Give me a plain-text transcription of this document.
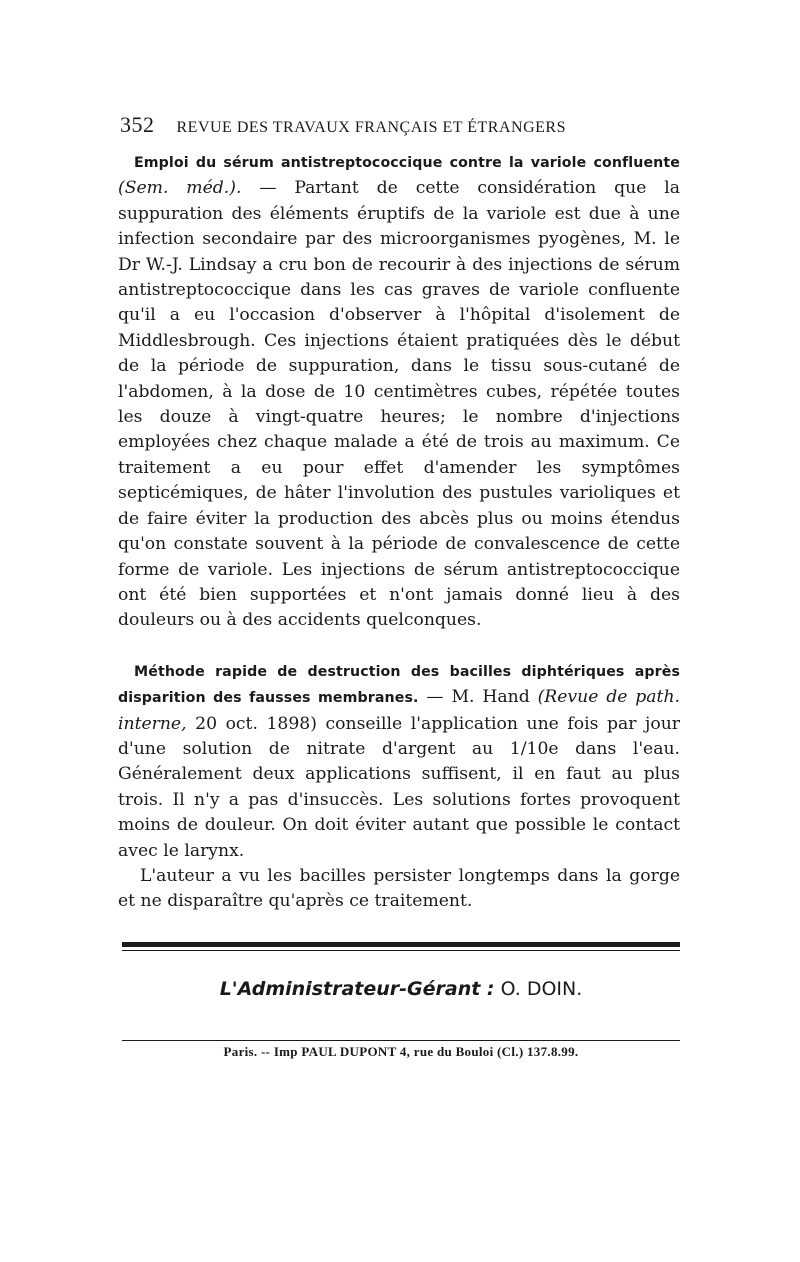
352 REVUE DES TRAVAUX FRANÇAIS ET ÉTRANGERS

Emploi du sérum antistreptococcique contre la variole confluente (Sem. méd.). — Partant de cette considération que la suppuration des éléments éruptifs de la variole est due à une infection secondaire par des microorganismes pyogènes, M. le Dr W.-J. Lindsay a cru bon de recourir à des injections de sérum antistreptococcique dans les cas graves de variole confluente qu'il a eu l'occasion d'observer à l'hôpital d'isolement de Middlesbrough. Ces injections étaient pratiquées dès le début de la période de suppuration, dans le tissu sous-cutané de l'abdomen, à la dose de 10 centimètres cubes, répétée toutes les douze à vingt-quatre heures; le nombre d'injections employées chez chaque malade a été de trois au maximum. Ce traitement a eu pour effet d'amender les symptômes septicémiques, de hâter l'involution des pustules varioliques et de faire éviter la production des abcès plus ou moins étendus qu'on constate souvent à la période de convalescence de cette forme de variole. Les injections de sérum antistreptococcique ont été bien supportées et n'ont jamais donné lieu à des douleurs ou à des accidents quelconques.

Méthode rapide de destruction des bacilles diphtériques après disparition des fausses membranes. — M. Hand (Revue de path. interne, 20 oct. 1898) conseille l'application une fois par jour d'une solution de nitrate d'argent au 1/10e dans l'eau. Généralement deux applications suffisent, il en faut au plus trois. Il n'y a pas d'insuccès. Les solutions fortes provoquent moins de douleur. On doit éviter autant que possible le contact avec le larynx.

L'auteur a vu les bacilles persister longtemps dans la gorge et ne disparaître qu'après ce traitement.

L'Administrateur-Gérant : O. DOIN.
Paris. -- Imp PAUL DUPONT 4, rue du Bouloi (Cl.) 137.8.99.
